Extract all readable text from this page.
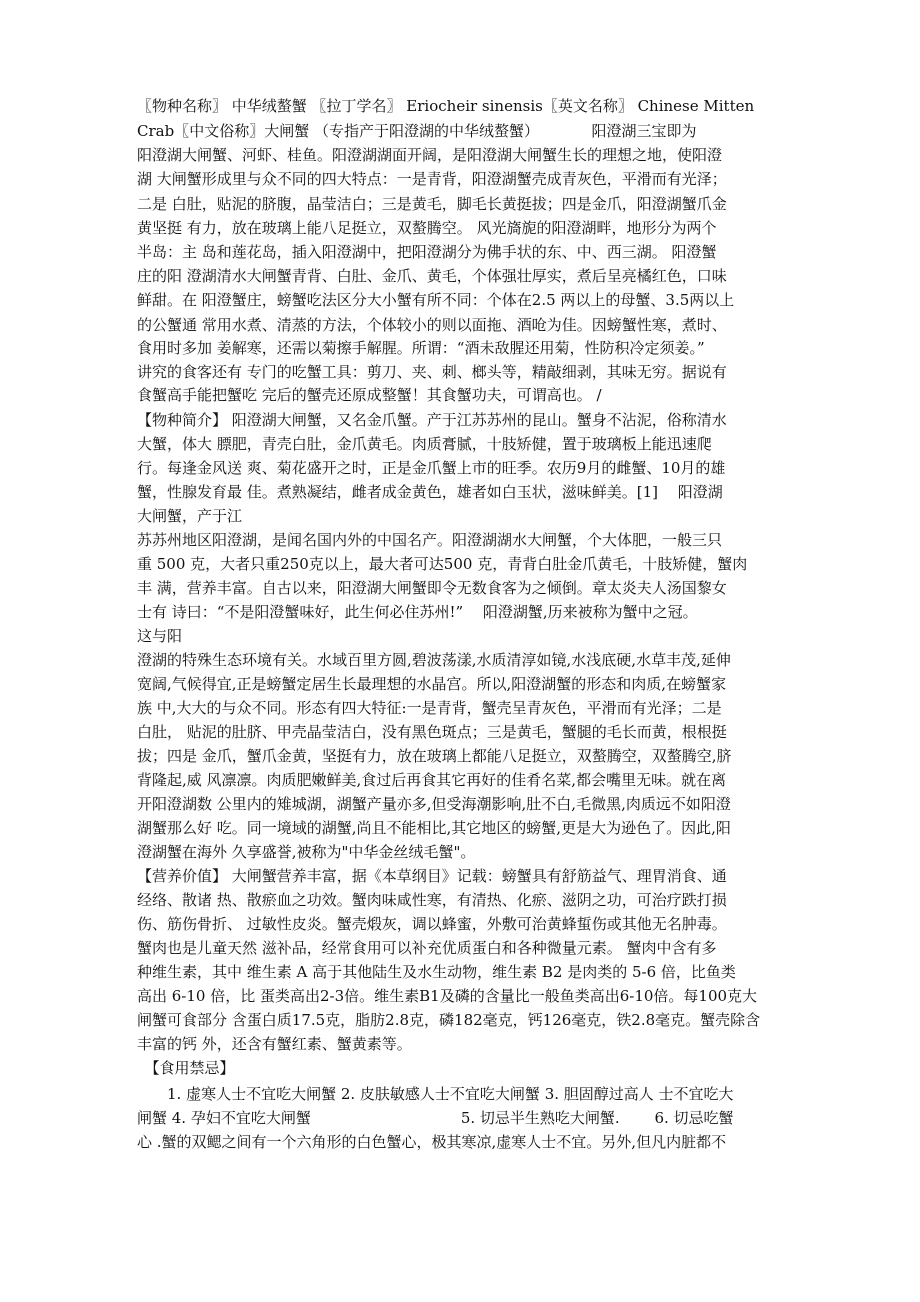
〖物种名称〗 中华绒螯蟹 〖拉丁学名〗 Eriocheir sinensis〖英文名称〗 Chinese Mitten
Crab〖中文俗称〗大闸蟹 （专指产于阳澄湖的中华绒螯蟹）　　　　阳澄湖三宝即为
阳澄湖大闸蟹、河虾、桂鱼。阳澄湖湖面开阔，是阳澄湖大闸蟹生长的理想之地，使阳澄
湖 大闸蟹形成里与众不同的四大特点：一是青背，阳澄湖蟹壳成青灰色，平滑而有光泽；
二是 白肚，贴泥的脐腹，晶莹洁白；三是黄毛，脚毛长黄挺拔；四是金爪，阳澄湖蟹爪金
黄坚挺 有力，放在玻璃上能八足挺立，双螯腾空。 风光旖旎的阳澄湖畔，地形分为两个
半岛：主 岛和莲花岛，插入阳澄湖中，把阳澄湖分为佛手状的东、中、西三湖。 阳澄蟹
庄的阳 澄湖清水大闸蟹青背、白肚、金爪、黄毛，个体强壮厚实，煮后呈亮橘红色，口味
鲜甜。在 阳澄蟹庄，螃蟹吃法区分大小蟹有所不同：个体在2.5 两以上的母蟹、3.5两以上
的公蟹通 常用水煮、清蒸的方法，个体较小的则以面拖、酒呛为佳。因螃蟹性寒，煮时、
食用时多加 姜解寒，还需以菊擦手解腥。所谓：“酒未敌腥还用菊，性防积冷定须姜。”
讲究的食客还有 专门的吃蟹工具：剪刀、夹、刺、榔头等，精敲细剥，其味无穷。据说有
食蟹高手能把蟹吃 完后的蟹壳还原成整蟹！其食蟹功夫，可谓高也。 /
【物种简介】 阳澄湖大闸蟹，又名金爪蟹。产于江苏苏州的昆山。蟹身不沾泥，俗称清水
大蟹，体大 膘肥，青壳白肚，金爪黄毛。肉质膏腻，十肢矫健，置于玻璃板上能迅速爬
行。每逢金风送 爽、菊花盛开之时，正是金爪蟹上市的旺季。农历9月的雌蟹、10月的雄
蟹，性腺发育最 佳。煮熟凝结，雌者成金黄色，雄者如白玉状，滋味鲜美。[1]　 阳澄湖
大闸蟹，产于江
苏苏州地区阳澄湖，是闻名国内外的中国名产。阳澄湖湖水大闸蟹，个大体肥，一般三只
重 500 克，大者只重250克以上，最大者可达500 克，青背白肚金爪黄毛，十肢矫健，蟹肉
丰 满，营养丰富。自古以来，阳澄湖大闸蟹即令无数食客为之倾倒。章太炎夫人汤国黎女
士有 诗曰：“不是阳澄蟹味好，此生何必住苏州!”　 阳澄湖蟹,历来被称为蟹中之冠。
这与阳
澄湖的特殊生态环境有关。水域百里方圆,碧波荡漾,水质清淳如镜,水浅底硬,水草丰茂,延伸
宽阔,气候得宜,正是螃蟹定居生长最理想的水晶宫。所以,阳澄湖蟹的形态和肉质,在螃蟹家
族 中,大大的与众不同。形态有四大特征:一是青背，蟹壳呈青灰色，平滑而有光泽；二是
白肚， 贴泥的肚脐、甲壳晶莹洁白，没有黑色斑点；三是黄毛，蟹腿的毛长而黄，根根挺
拔；四是 金爪，蟹爪金黄，坚挺有力，放在玻璃上都能八足挺立，双螯腾空，双螯腾空,脐
背隆起,威 风凛凛。肉质肥嫩鲜美,食过后再食其它再好的佳肴名菜,都会嘴里无味。就在离
开阳澄湖数 公里内的雉城湖，湖蟹产量亦多,但受海潮影响,肚不白,毛微黑,肉质远不如阳澄
湖蟹那么好 吃。同一境域的湖蟹,尚且不能相比,其它地区的螃蟹,更是大为逊色了。因此,阳
澄湖蟹在海外 久享盛誉,被称为"中华金丝绒毛蟹"。
【营养价值】 大闸蟹营养丰富，据《本草纲目》记载：螃蟹具有舒筋益气、理胃消食、通
经络、散诸 热、散瘀血之功效。蟹肉味咸性寒，有清热、化瘀、滋阴之功，可治疗跌打损
伤、筋伤骨折、 过敏性皮炎。蟹壳煅灰，调以蜂蜜，外敷可治黄蜂蜇伤或其他无名肿毒。
蟹肉也是儿童天然 滋补品，经常食用可以补充优质蛋白和各种微量元素。 蟹肉中含有多
种维生素，其中 维生素 A 高于其他陆生及水生动物，维生素 B2 是肉类的 5-6 倍，比鱼类
高出 6-10 倍，比 蛋类高出2-3倍。维生素B1及磷的含量比一般鱼类高出6-10倍。每100克大
闸蟹可食部分 含蛋白质17.5克，脂肪2.8克，磷182毫克，钙126毫克，铁2.8毫克。蟹壳除含
丰富的钙 外，还含有蟹红素、蟹黄素等。
　【食用禁忌】
　　1. 虚寒人士不宜吃大闸蟹 2. 皮肤敏感人士不宜吃大闸蟹 3. 胆固醇过高人 士不宜吃大
闸蟹 4. 孕妇不宜吃大闸蟹　　　　　　　　　　5. 切忌半生熟吃大闸蟹.　　 6. 切忌吃蟹
心 .蟹的双鳃之间有一个六角形的白色蟹心，极其寒凉,虚寒人士不宜。另外,但凡内脏都不
